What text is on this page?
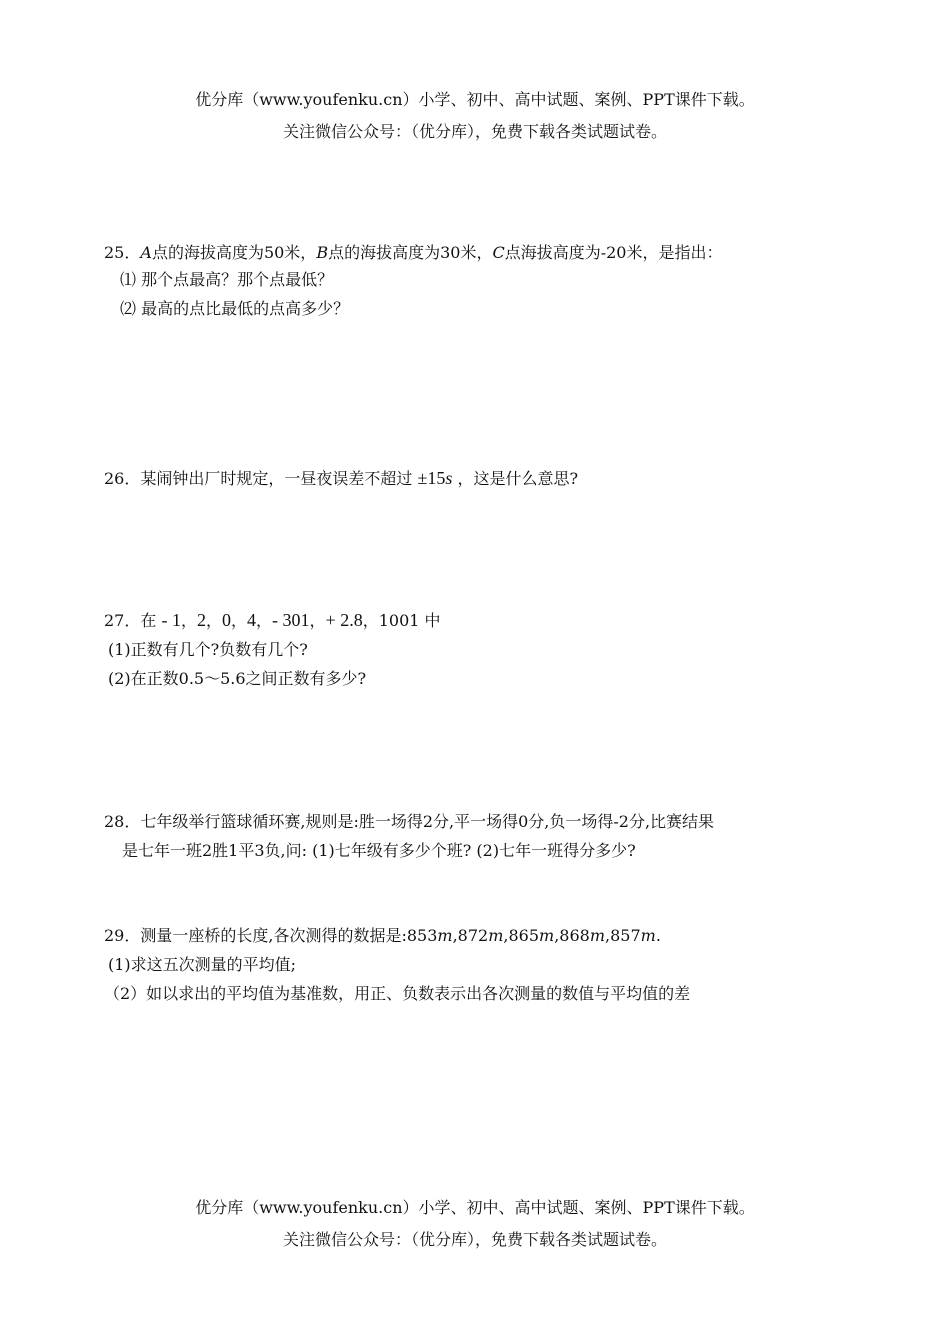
优分库（www.youfenku.cn）小学、初中、高中试题、案例、PPT课件下载。
关注微信公众号：（优分库），免费下载各类试题试卷。
25．A点的海拔高度为50米，B点的海拔高度为30米，C点海拔高度为-20米，是指出：
⑴ 那个点最高？那个点最低？
⑵ 最高的点比最低的点高多少？
26．某闹钟出厂时规定，一昼夜误差不超过 ±15s ，这是什么意思?
27．在 - 1，2，0，4，- 301，+ 2.8，1001 中
(1)正数有几个?负数有几个?
(2)在正数0.5～5.6之间正数有多少?
28．七年级举行篮球循环赛,规则是:胜一场得2分,平一场得0分,负一场得-2分,比赛结果
是七年一班2胜1平3负,问: (1)七年级有多少个班? (2)七年一班得分多少?
29．测量一座桥的长度,各次测得的数据是:853m,872m,865m,868m,857m.
(1)求这五次测量的平均值;
（2）如以求出的平均值为基准数，用正、负数表示出各次测量的数值与平均值的差
优分库（www.youfenku.cn）小学、初中、高中试题、案例、PPT课件下载。
关注微信公众号：（优分库），免费下载各类试题试卷。
